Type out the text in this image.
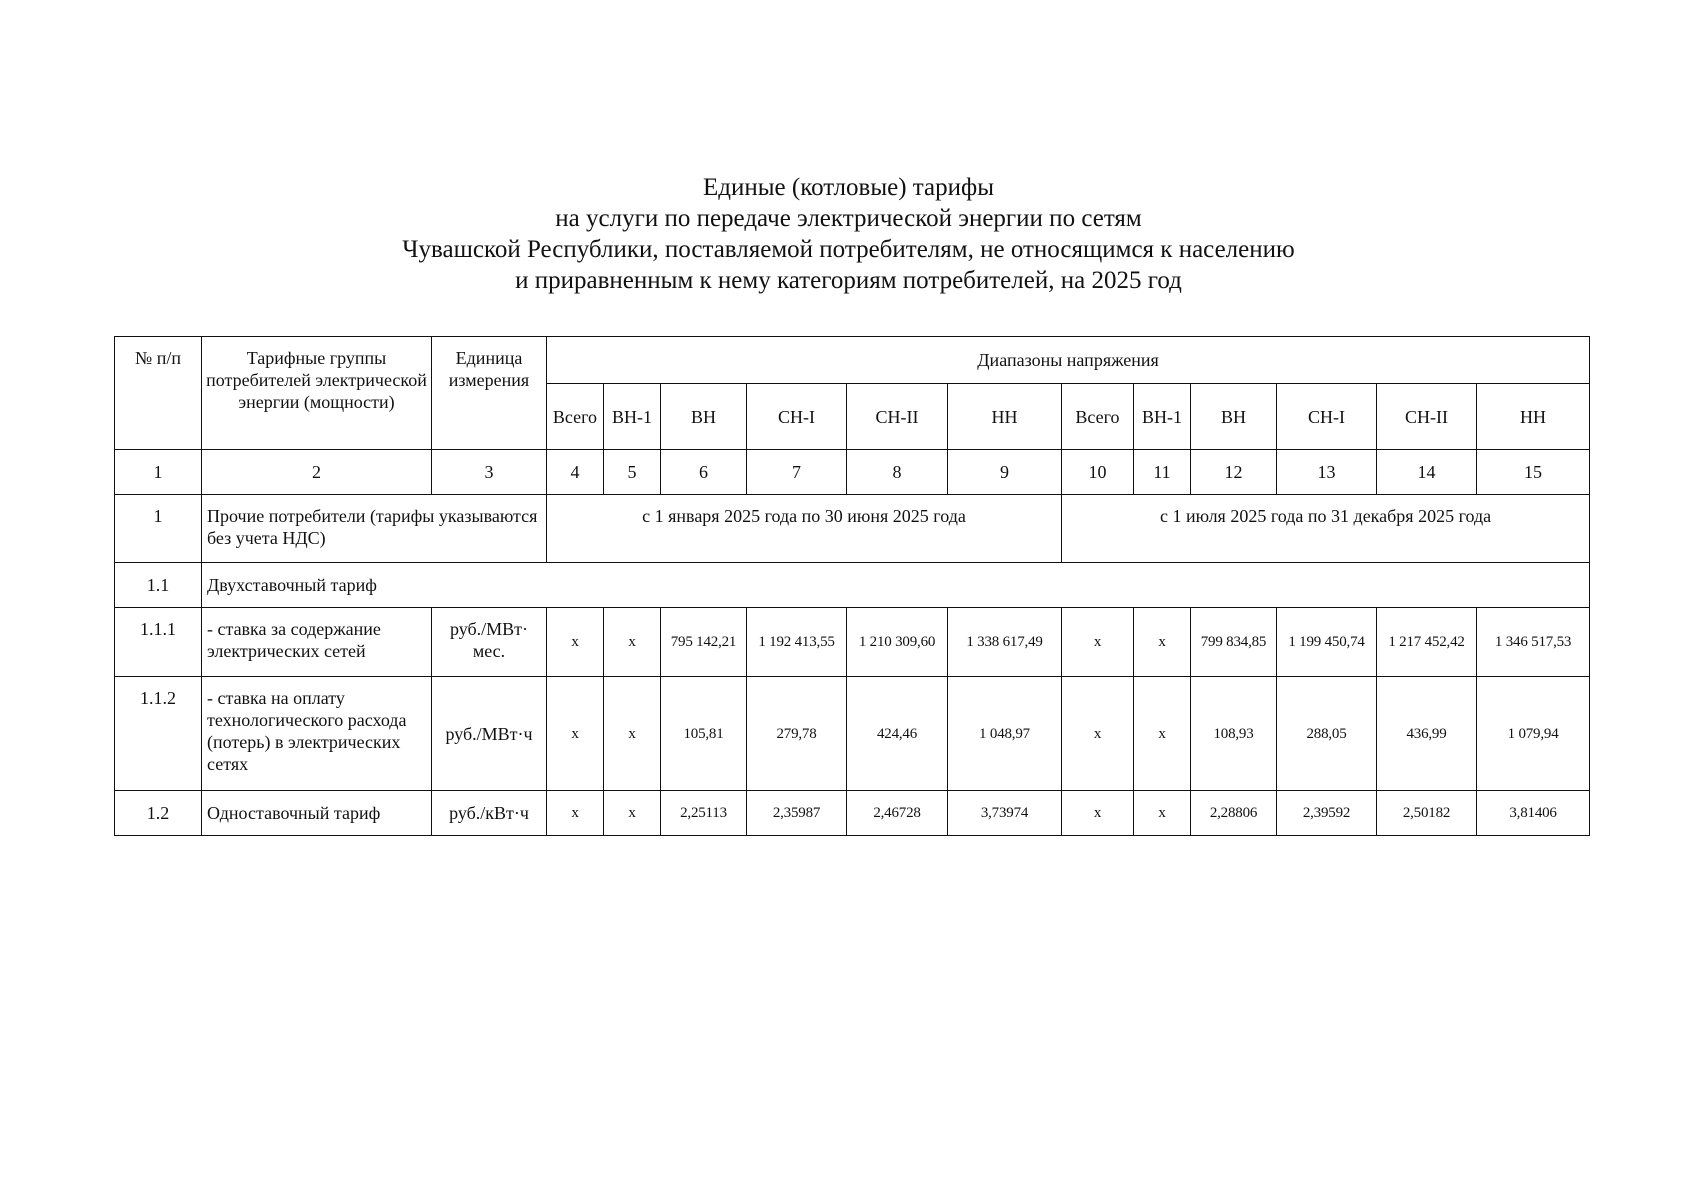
Единые (котловые) тарифы
на услуги по передаче электрической энергии по сетям
Чувашской Республики, поставляемой потребителям, не относящимся к населению
и приравненным к нему категориям потребителей, на 2025 год
№ п/п	Тарифные группы потребителей электрической энергии (мощности)	Единица измерения	Диапазоны напряжения											
			Всего	ВН-1	ВН	СН-I	СН-II	НН	Всего	ВН-1	ВН	СН-I	СН-II	НН
1	2	3	4	5	6	7	8	9	10	11	12	13	14	15
1	Прочие потребители (тарифы указываются без учета НДС)		с 1 января 2025 года по 30 июня 2025 года						с 1 июля 2025 года по 31 декабря 2025 года					
1.1	Двухставочный тариф													
1.1.1	- ставка за содержание электрических сетей	руб./МВт· мес.	х	х	795 142,21	1 192 413,55	1 210 309,60	1 338 617,49	х	х	799 834,85	1 199 450,74	1 217 452,42	1 346 517,53
1.1.2	- ставка на оплату технологического расхода (потерь) в электрических сетях	руб./МВт·ч	х	х	105,81	279,78	424,46	1 048,97	х	х	108,93	288,05	436,99	1 079,94
1.2	Одноставочный тариф	руб./кВт·ч	х	х	2,25113	2,35987	2,46728	3,73974	х	х	2,28806	2,39592	2,50182	3,81406
